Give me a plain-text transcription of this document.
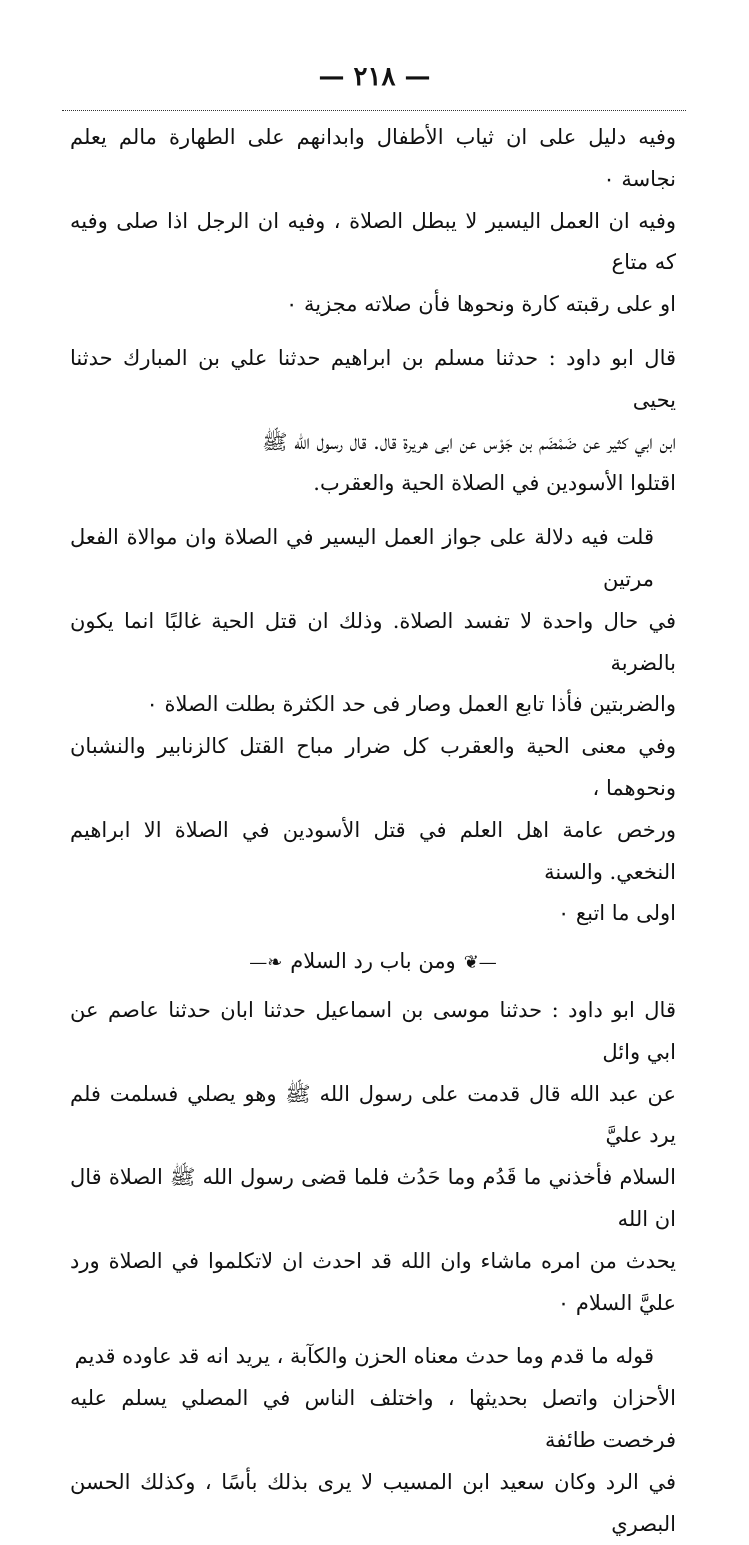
— ٢١٨ —
وفيه دليل على ان ثياب الأطفال وابدانهم على الطهارة مالم يعلم نجاسة ٠
وفيه ان العمل اليسير لا يبطل الصلاة ، وفيه ان الرجل اذا صلى وفيه كه متاع
او على رقبته كارة ونحوها فأن صلاته مجزية ٠
قال ابو داود : حدثنا مسلم بن ابراهيم حدثنا علي بن المبارك حدثنا يحيى
ابن ابي كثير عن ضَمْضَم بن جَوْس عن ابى هريرة قال. قال رسول الله ﷺ
اقتلوا الأسودين في الصلاة الحية والعقرب.
قلت فيه دلالة على جواز العمل اليسير في الصلاة وان موالاة الفعل مرتين
في حال واحدة لا تفسد الصلاة. وذلك ان قتل الحية غالبًا انما يكون بالضربة
والضربتين فأذا تابع العمل وصار فى حد الكثرة بطلت الصلاة ٠
وفي معنى الحية والعقرب كل ضرار مباح القتل كالزنابير والنشبان ونحوهما ،
ورخص عامة اهل العلم في قتل الأسودين في الصلاة الا ابراهيم النخعي. والسنة
اولى ما اتبع ٠
—❦ومن باب رد السلام❧—
قال ابو داود : حدثنا موسى بن اسماعيل حدثنا ابان حدثنا عاصم عن ابي وائل
عن عبد الله قال قدمت على رسول الله ﷺ وهو يصلي فسلمت فلم يرد عليَّ
السلام فأخذني ما قَدُم وما حَدُث فلما قضى رسول الله ﷺ الصلاة قال ان الله
يحدث من امره ماشاء وان الله قد احدث ان لاتكلموا في الصلاة ورد عليَّ السلام ٠
قوله ما قدم وما حدث معناه الحزن والكآبة ، يريد انه قد عاوده قديم
الأحزان واتصل بحديثها ، واختلف الناس في المصلي يسلم عليه فرخصت طائفة
في الرد وكان سعيد ابن المسيب لا يرى بذلك بأسًا ، وكذلك الحسن البصري
